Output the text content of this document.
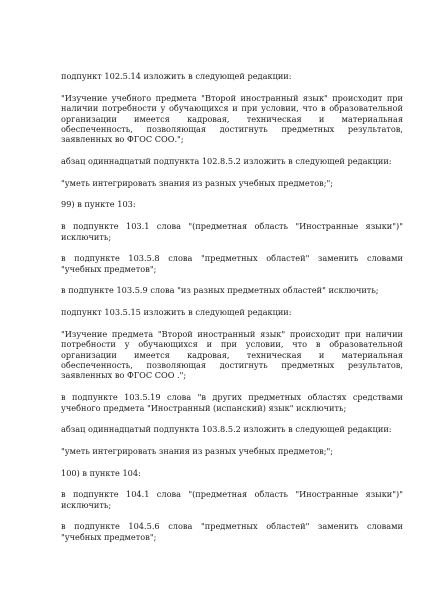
подпункт 102.5.14 изложить в следующей редакции:

"Изучение учебного предмета "Второй иностранный язык" происходит при наличии потребности у обучающихся и при условии, что в образовательной организации имеется кадровая, техническая и материальная обеспеченность, позволяющая достигнуть предметных результатов, заявленных во ФГОС СОО.";

абзац одиннадцатый подпункта 102.8.5.2 изложить в следующей редакции:

"уметь интегрировать знания из разных учебных предметов;";

99) в пункте 103:

в подпункте 103.1 слова "(предметная область "Иностранные языки")" исключить;

в подпункте 103.5.8 слова "предметных областей" заменить словами "учебных предметов";

в подпункте 103.5.9 слова "из разных предметных областей" исключить;

подпункт 103.5.15 изложить в следующей редакции:

"Изучение предмета "Второй иностранный язык" происходит при наличии потребности у обучающихся и при условии, что в образовательной организации имеется кадровая, техническая и материальная обеспеченность, позволяющая достигнуть предметных результатов, заявленных во ФГОС СОО .";

в подпункте 103.5.19 слова "в других предметных областях средствами учебного предмета "Иностранный (испанский) язык" исключить;

абзац одиннадцатый подпункта 103.8.5.2 изложить в следующей редакции:

"уметь интегрировать знания из разных учебных предметов;";

100) в пункте 104:

в подпункте 104.1 слова "(предметная область "Иностранные языки")" исключить;

в подпункте 104.5.6 слова "предметных областей" заменить словами "учебных предметов";
